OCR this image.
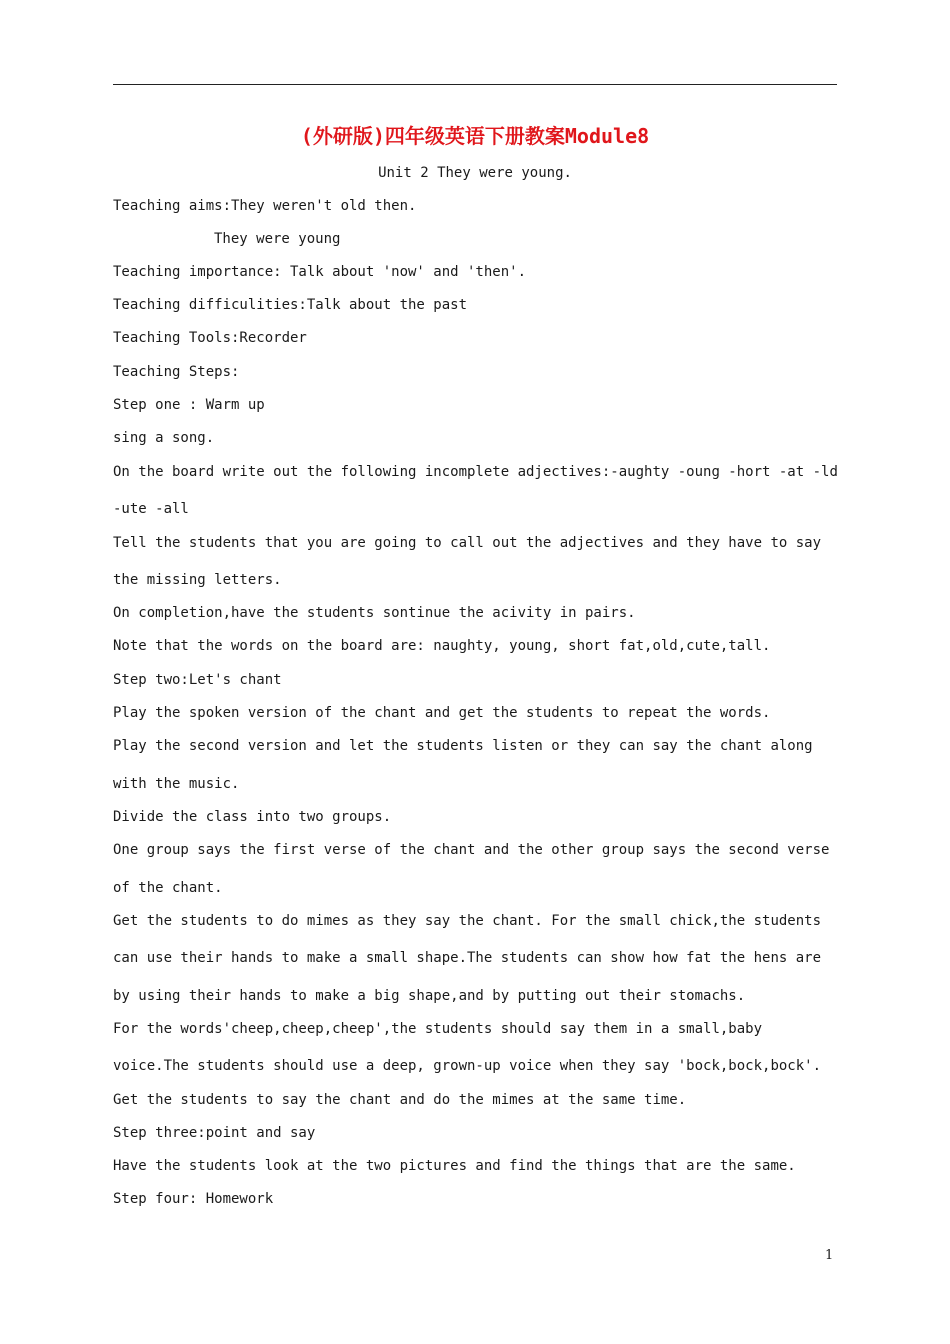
(外研版)四年级英语下册教案Module8

Unit 2 They were young.

Teaching aims:They weren't old then.

They were young

Teaching importance: Talk about 'now' and 'then'.

Teaching difficulities:Talk about the past

Teaching Tools:Recorder

Teaching Steps:

Step one : Warm up

sing a song.

On the board write out the following incomplete adjectives:-aughty -oung -hort -at -ld

-ute -all

Tell the students that you are going to call out the adjectives and they have to say

the missing letters.

On completion,have the students sontinue the acivity in pairs.

Note that the words on the board are: naughty, young, short fat,old,cute,tall.

Step two:Let's chant

Play the spoken version of the chant and get the students to repeat the words.

Play the second version and let the students listen or they can say the chant along

with the music.

Divide the class into two groups.

One group says the first verse of the chant and the other group says the second verse

of the chant.

Get the students to do mimes as they say the chant. For the small chick,the students

can use their hands to make a small shape.The students can show how fat the hens are

by using their hands to make a big shape,and by putting out their stomachs.

For the words'cheep,cheep,cheep',the students should say them in a small,baby

voice.The students should use a deep, grown-up voice when they say 'bock,bock,bock'.

Get the students to say the chant and do the mimes at the same time.

Step three:point and say

Have the students look at the two pictures and find the things that are the same.

Step four: Homework

1
